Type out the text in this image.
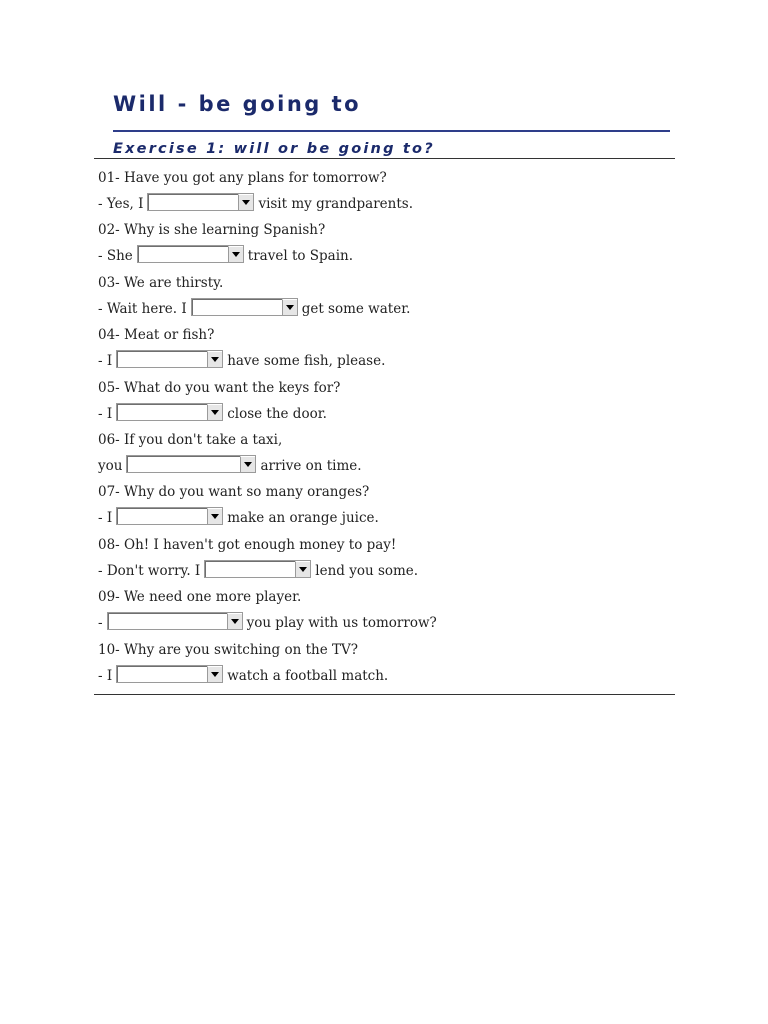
Will - be going to
Exercise 1: will or be going to?
01- Have you got any plans for tomorrow?
- Yes, I	visit my grandparents.
02- Why is she learning Spanish?
- She	travel to Spain.
03- We are thirsty.
- Wait here. I	get some water.
04- Meat or fish?
- I	have some fish, please.
05- What do you want the keys for?
- I	close the door.
06- If you don't take a taxi,
you	arrive on time.
07- Why do you want so many oranges?
- I	make an orange juice.
08- Oh! I haven't got enough money to pay!
- Don't worry. I	lend you some.
09- We need one more player.
-	you play with us tomorrow?
10- Why are you switching on the TV?
- I	watch a football match.
